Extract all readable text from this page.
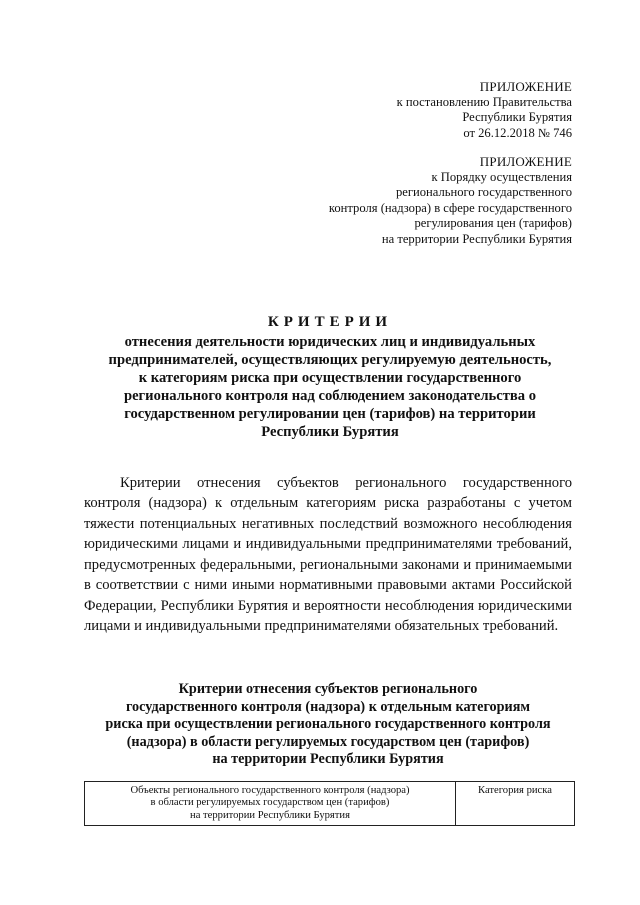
ПРИЛОЖЕНИЕ
к постановлению Правительства
Республики Бурятия
от 26.12.2018 № 746
ПРИЛОЖЕНИЕ
к Порядку осуществления
регионального государственного
контроля (надзора) в сфере государственного
регулирования цен (тарифов)
на территории Республики Бурятия
КРИТЕРИИ
отнесения деятельности юридических лиц и индивидуальных
предпринимателей, осуществляющих регулируемую деятельность,
к категориям риска при осуществлении государственного
регионального контроля над соблюдением законодательства о
государственном регулировании цен (тарифов) на территории
Республики Бурятия

Критерии отнесения субъектов регионального государственного контроля (надзора) к отдельным категориям риска разработаны с учетом тяжести потенциальных негативных последствий возможного несоблюдения юридическими лицами и индивидуальными предпринимателями требований, предусмотренных федеральными, региональными законами и принимаемыми в соответствии с ними иными нормативными правовыми актами Российской Федерации, Республики Бурятия и вероятности несоблюдения юридическими лицами и индивидуальными предпринимателями обязательных требований.

Критерии отнесения субъектов регионального
государственного контроля (надзора) к отдельным категориям
риска при осуществлении регионального государственного контроля
(надзора) в области регулируемых государством цен (тарифов)
на территории Республики Бурятия
Объекты регионального государственного контроля (надзора)
в области регулируемых государством цен (тарифов)
на территории Республики Бурятия
	Категория риска
